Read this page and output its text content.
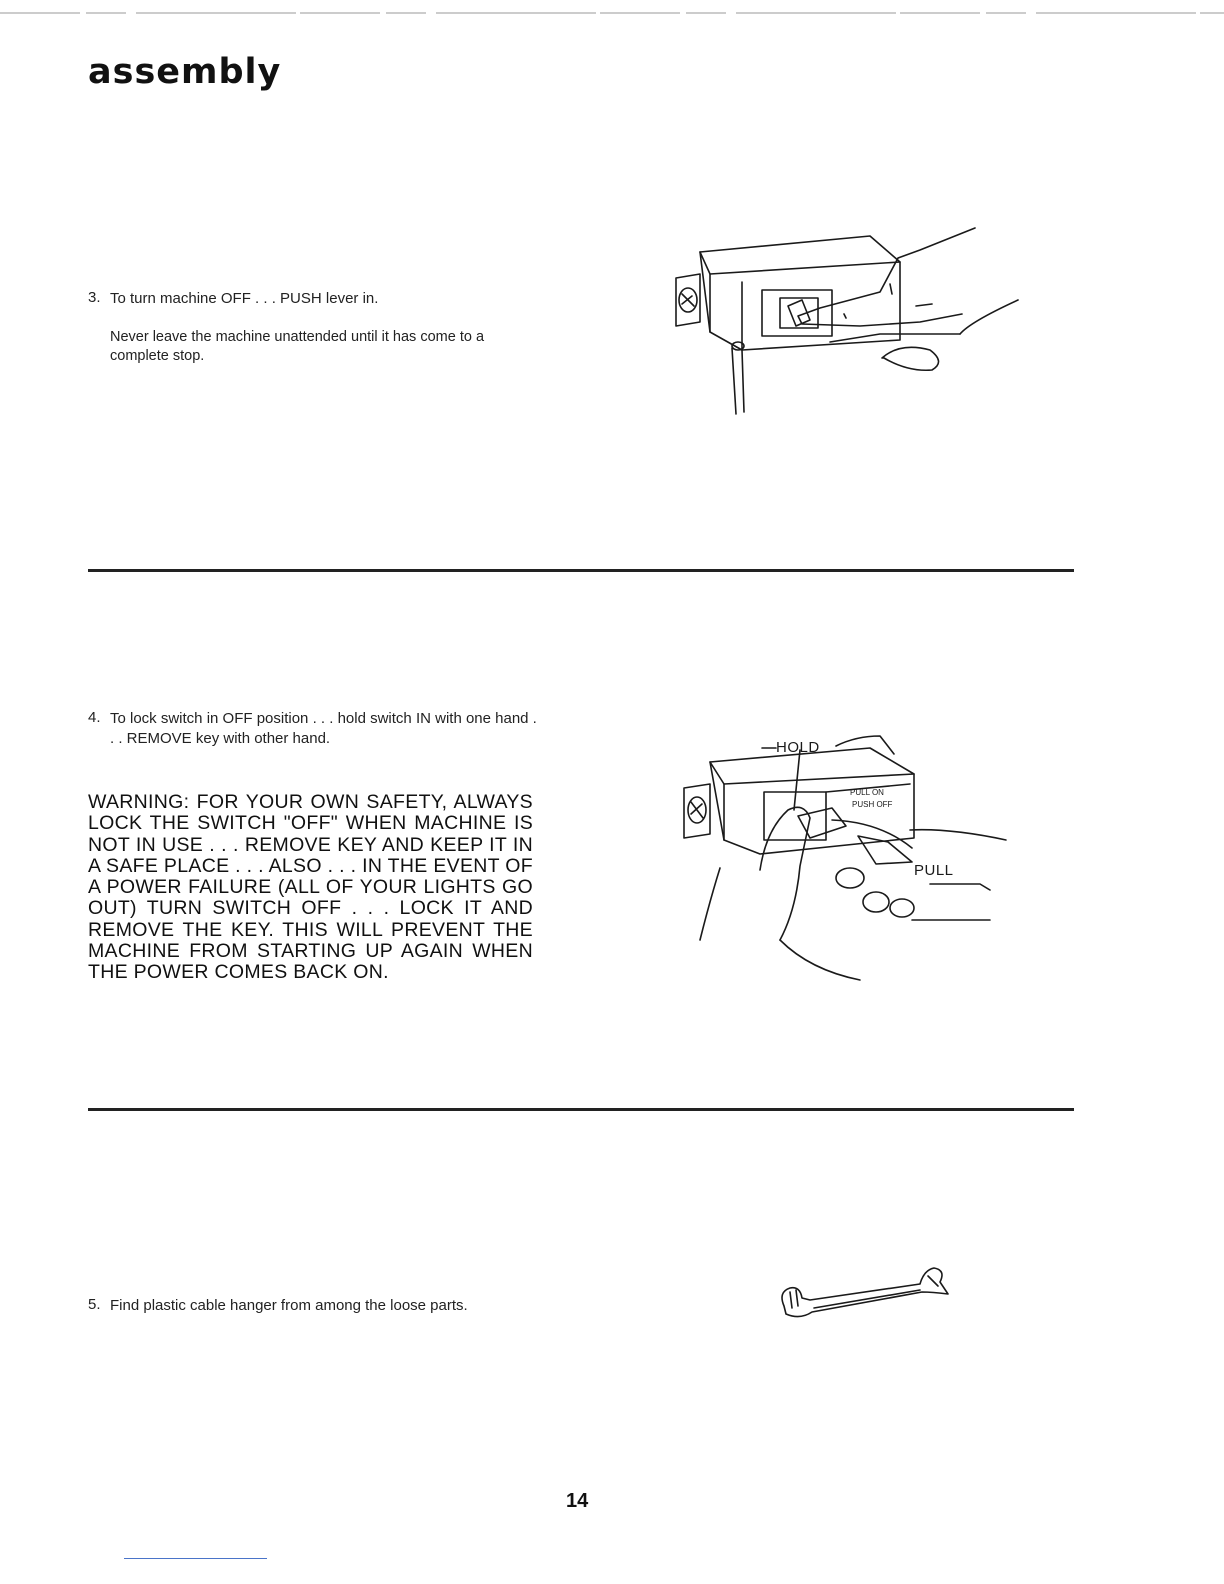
assembly
3. To turn machine OFF . . . PUSH lever in.

Never leave the machine unattended until it has come to a complete stop.

4. To lock switch in OFF position . . . hold switch IN with one hand . . . REMOVE key with other hand.

WARNING: FOR YOUR OWN SAFETY, ALWAYS LOCK THE SWITCH "OFF" WHEN MACHINE IS NOT IN USE . . . REMOVE KEY AND KEEP IT IN A SAFE PLACE . . . ALSO . . . IN THE EVENT OF A POWER FAILURE (ALL OF YOUR LIGHTS GO OUT) TURN SWITCH OFF . . . LOCK IT AND REMOVE THE KEY. THIS WILL PREVENT THE MACHINE FROM STARTING UP AGAIN WHEN THE POWER COMES BACK ON.

HOLD
PULL
PULL ON
PUSH OFF
5. Find plastic cable hanger from among the loose parts.

14
